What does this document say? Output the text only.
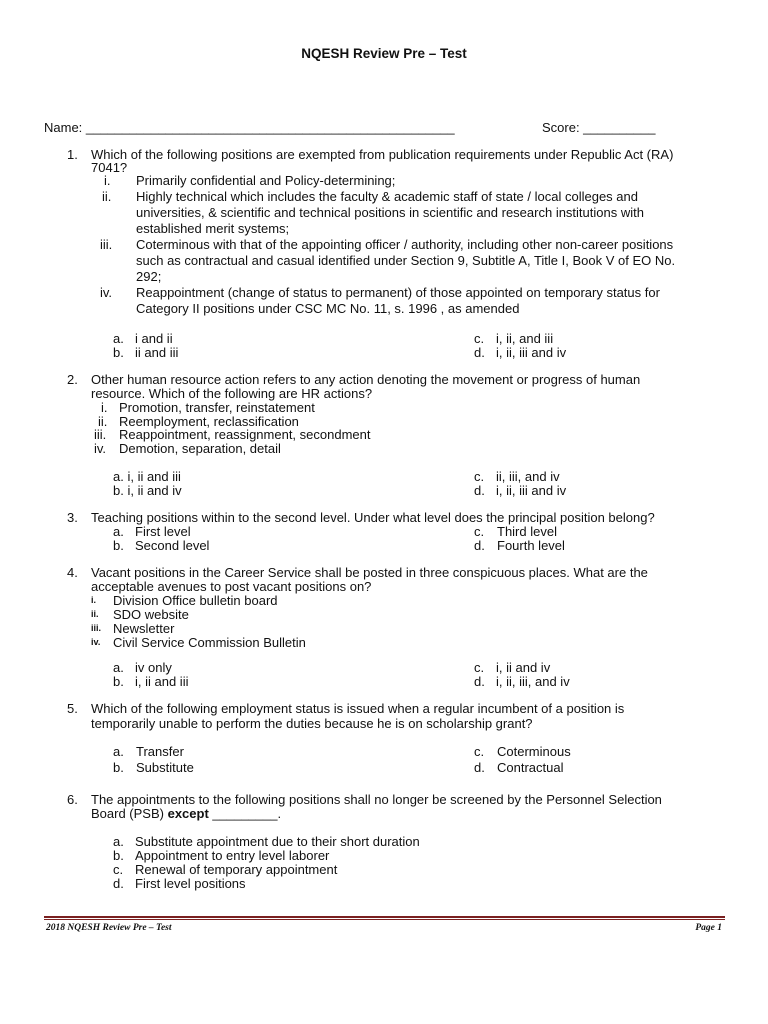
NQESH Review Pre – Test
Name: ___________________________________________________	Score: __________
1. Which of the following positions are exempted from publication requirements under Republic Act (RA)
7041?
i. Primarily confidential and Policy-determining;
ii. Highly technical which includes the faculty & academic staff of state / local colleges and
universities, & scientific and technical positions in scientific and research institutions with
established merit systems;
iii. Coterminous with that of the appointing officer / authority, including other non-career positions
such as contractual and casual identified under Section 9, Subtitle A, Title I, Book V of EO No.
292;
iv. Reappointment (change of status to permanent) of those appointed on temporary status for
Category II positions under CSC MC No. 11, s. 1996 , as amended
a. i and ii
b. ii and iii
c. i, ii, and iii
d. i, ii, iii and iv
2. Other human resource action refers to any action denoting the movement or progress of human
resource. Which of the following are HR actions?
i. Promotion, transfer, reinstatement
ii. Reemployment, reclassification
iii. Reappointment, reassignment, secondment
iv. Demotion, separation, detail
a. i, ii and iii
b. i, ii and iv
c. ii, iii, and iv
d. i, ii, iii and iv
3. Teaching positions within to the second level. Under what level does the principal position belong?
a. First level
b. Second level
c. Third level
d. Fourth level
4. Vacant positions in the Career Service shall be posted in three conspicuous places. What are the
acceptable avenues to post vacant positions on?
i. Division Office bulletin board
ii. SDO website
iii. Newsletter
iv. Civil Service Commission Bulletin
a. iv only
b. i, ii and iii
c. i, ii and iv
d. i, ii, iii, and iv
5. Which of the following employment status is issued when a regular incumbent of a position is
temporarily unable to perform the duties because he is on scholarship grant?
a. Transfer
b. Substitute
c. Coterminous
d. Contractual
6. The appointments to the following positions shall no longer be screened by the Personnel Selection
Board (PSB) except _________.
a. Substitute appointment due to their short duration
b. Appointment to entry level laborer
c. Renewal of temporary appointment
d. First level positions
2018 NQESH Review Pre – Test	Page 1
